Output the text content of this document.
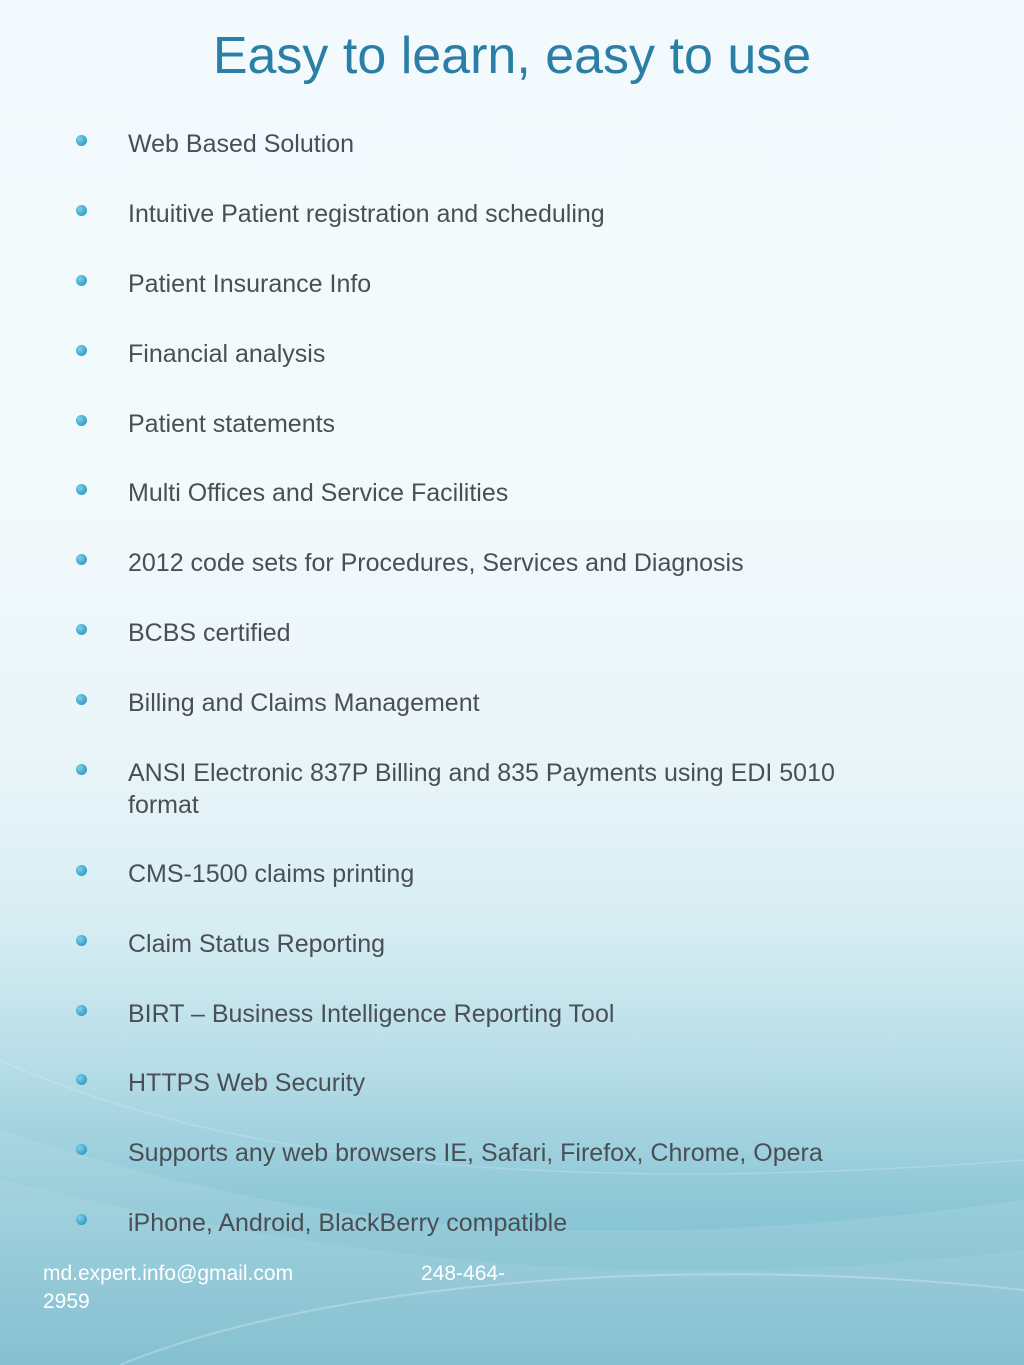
Easy to learn, easy to use
Web Based Solution
Intuitive Patient registration and scheduling
Patient Insurance Info
Financial analysis
Patient statements
Multi Offices and Service Facilities
2012 code sets for Procedures, Services and Diagnosis
BCBS certified
Billing and Claims Management
ANSI Electronic 837P Billing and 835 Payments using EDI 5010 format
CMS-1500 claims printing
Claim Status Reporting
BIRT – Business Intelligence Reporting Tool
HTTPS Web Security
Supports any web browsers IE, Safari, Firefox, Chrome, Opera
iPhone, Android, BlackBerry compatible
md.expert.info@gmail.com	248-464-
2959
